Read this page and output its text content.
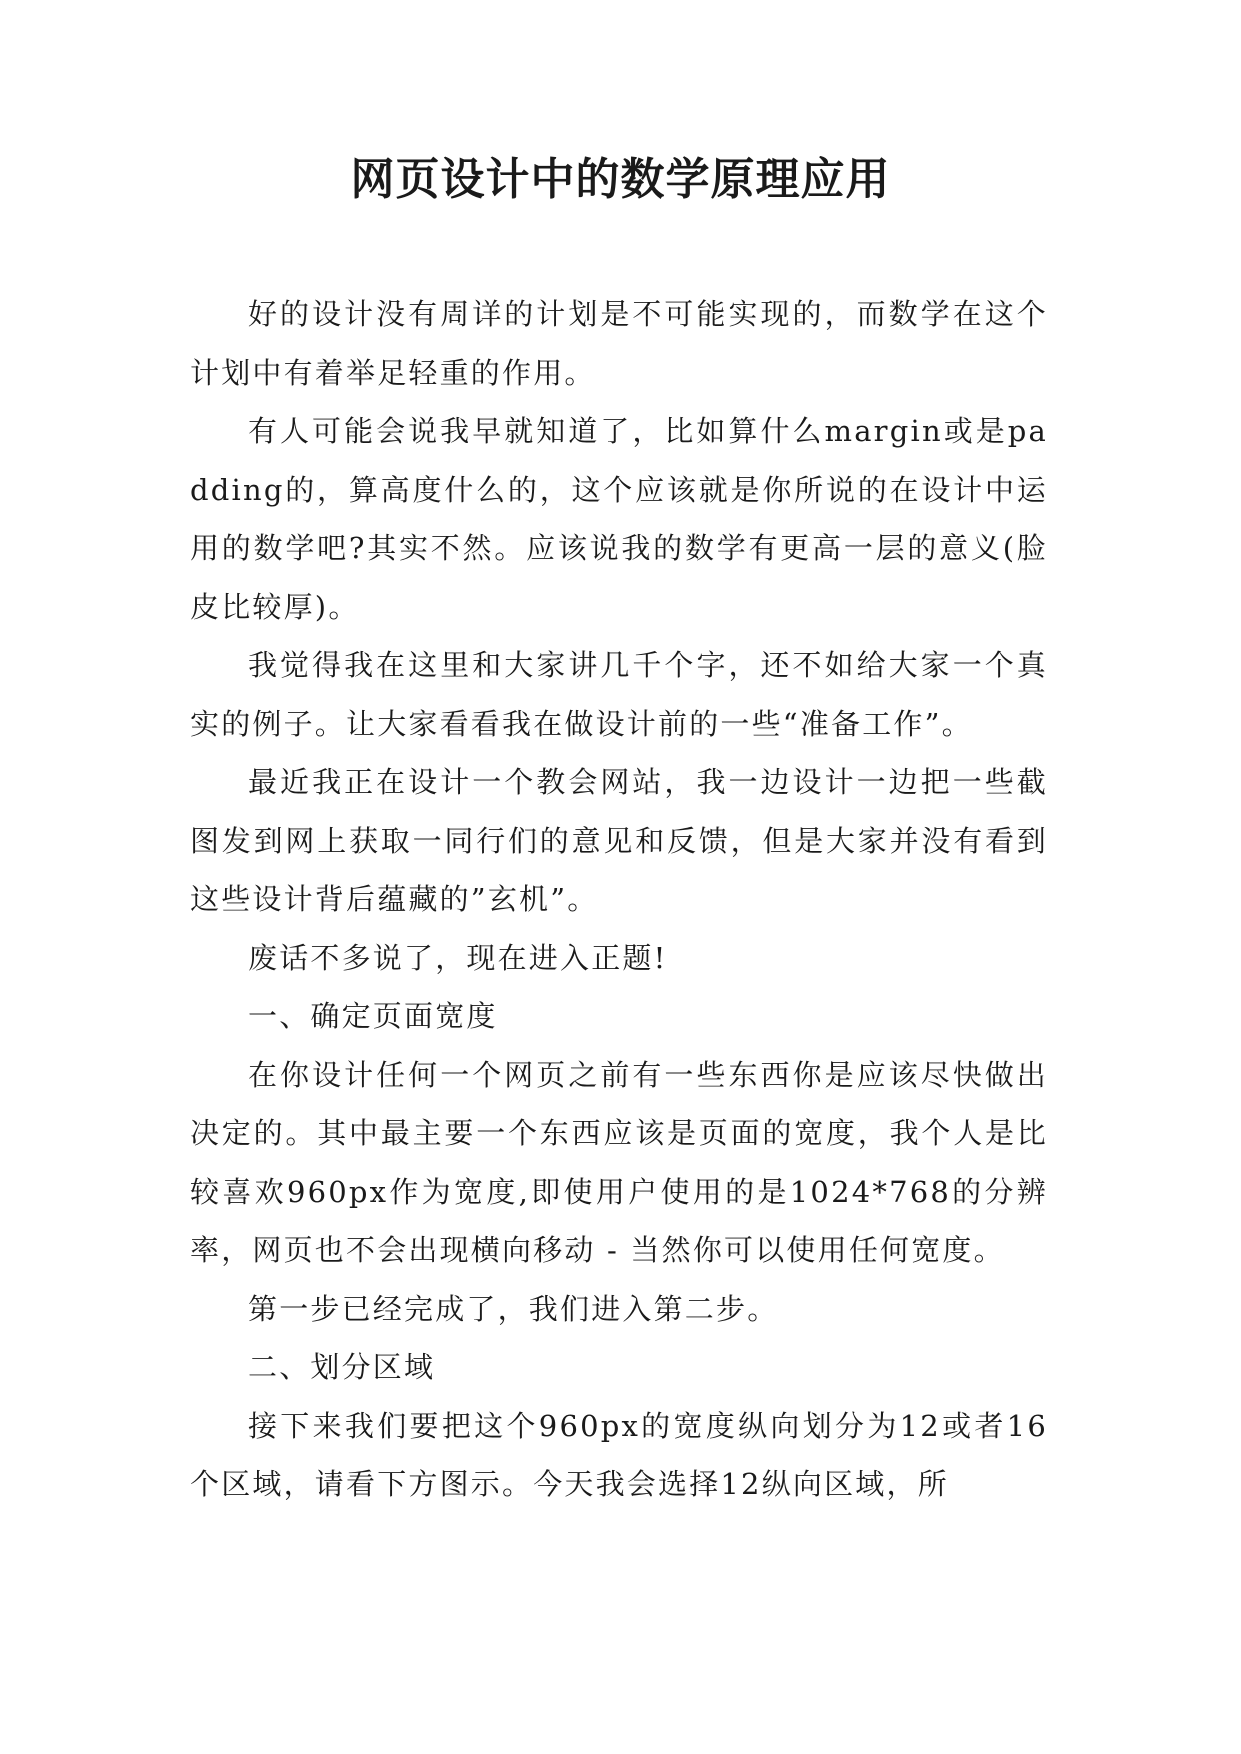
网页设计中的数学原理应用

好的设计没有周详的计划是不可能实现的，而数学在这个计划中有着举足轻重的作用。

有人可能会说我早就知道了，比如算什么margin或是padding的，算高度什么的，这个应该就是你所说的在设计中运用的数学吧?其实不然。应该说我的数学有更高一层的意义(脸皮比较厚)。

我觉得我在这里和大家讲几千个字，还不如给大家一个真实的例子。让大家看看我在做设计前的一些“准备工作”。

最近我正在设计一个教会网站，我一边设计一边把一些截图发到网上获取一同行们的意见和反馈，但是大家并没有看到这些设计背后蕴藏的”玄机”。

废话不多说了，现在进入正题!

一、确定页面宽度

在你设计任何一个网页之前有一些东西你是应该尽快做出决定的。其中最主要一个东西应该是页面的宽度，我个人是比较喜欢960px作为宽度,即使用户使用的是1024*768的分辨率，网页也不会出现横向移动 - 当然你可以使用任何宽度。

第一步已经完成了，我们进入第二步。

二、划分区域

接下来我们要把这个960px的宽度纵向划分为12或者16个区域，请看下方图示。今天我会选择12纵向区域，所
